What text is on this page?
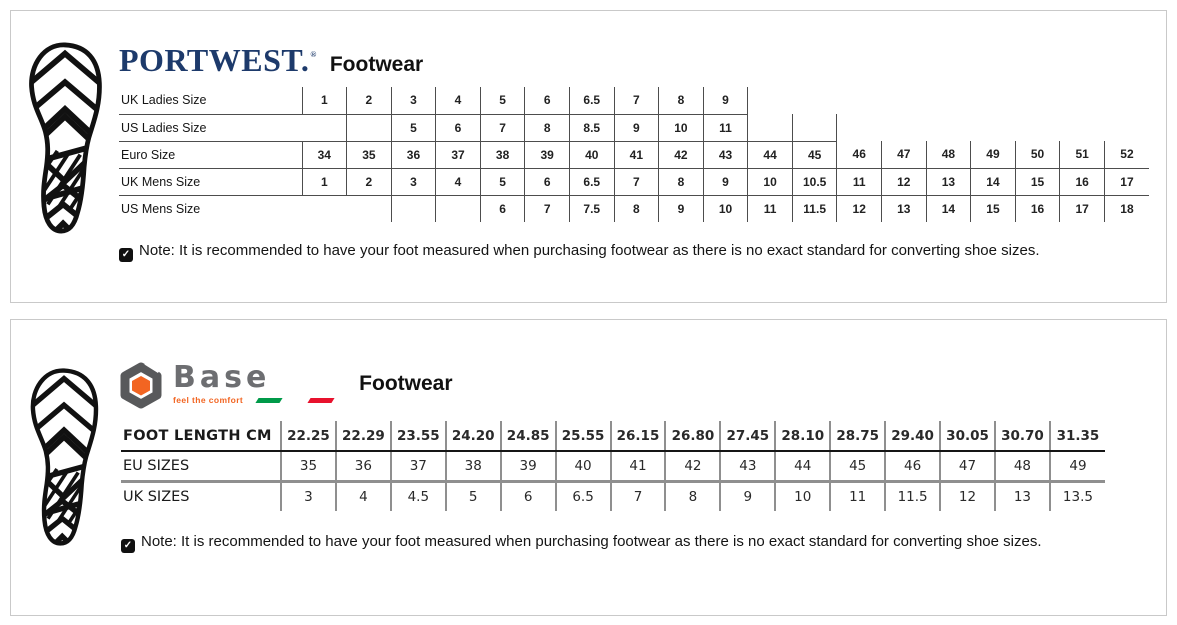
PORTWEST.® Footwear
UK Ladies Size	1	2	3	4	5	6	6.5	7	8	9									
US Ladies Size			5	6	7	8	8.5	9	10	11									
Euro Size	34	35	36	37	38	39	40	41	42	43	44	45	46	47	48	49	50	51	52
UK Mens Size	1	2	3	4	5	6	6.5	7	8	9	10	10.5	11	12	13	14	15	16	17
US Mens Size					6	7	7.5	8	9	10	11	11.5	12	13	14	15	16	17	18
✓ Note: It is recommended to have your foot measured when purchasing footwear as there is no exact standard for converting shoe sizes.
Base
feel the comfort
Footwear
FOOT LENGTH CM	22.25	22.29	23.55	24.20	24.85	25.55	26.15	26.80	27.45	28.10	28.75	29.40	30.05	30.70	31.35
EU SIZES	35	36	37	38	39	40	41	42	43	44	45	46	47	48	49
UK SIZES	3	4	4.5	5	6	6.5	7	8	9	10	11	11.5	12	13	13.5
✓ Note: It is recommended to have your foot measured when purchasing footwear as there is no exact standard for converting shoe sizes.
